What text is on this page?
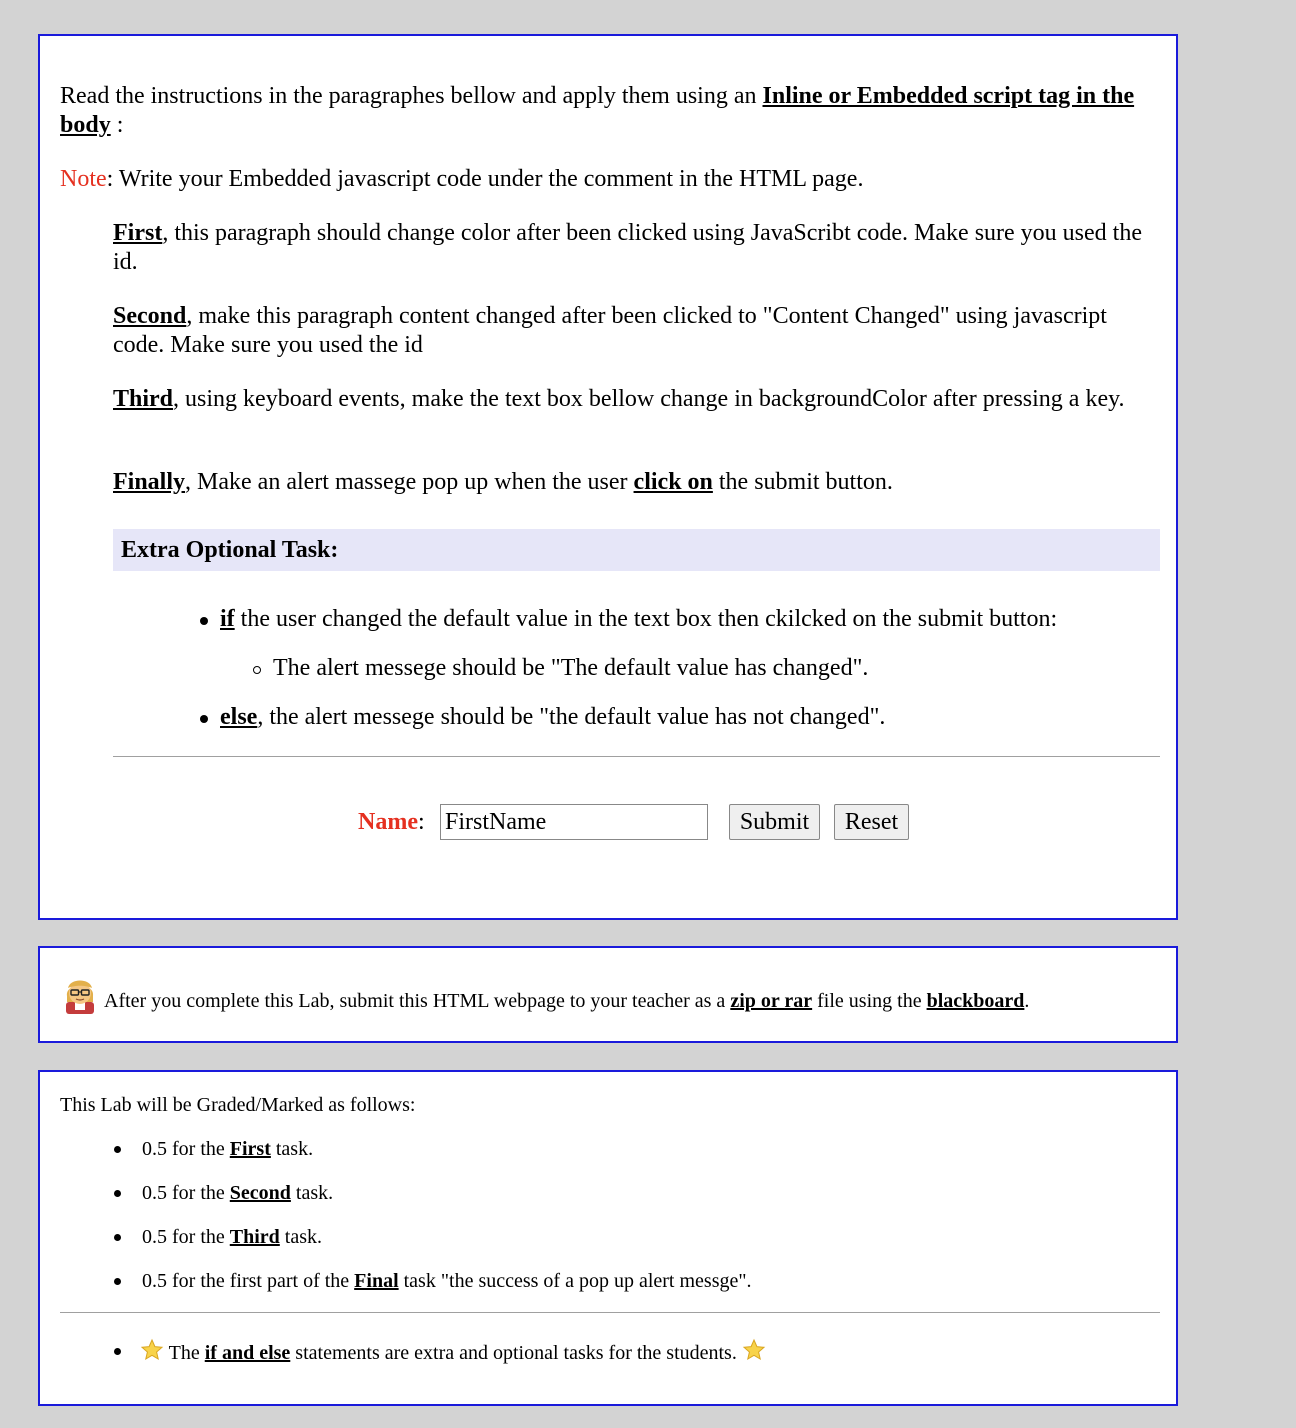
Read the instructions in the paragraphes bellow and apply them using an Inline or Embedded script tag in the body :

Note: Write your Embedded javascript code under the comment in the HTML page.

First, this paragraph should change color after been clicked using JavaScribt code. Make sure you used the id.

Second, make this paragraph content changed after been clicked to "Content Changed" using javascript code. Make sure you used the id

Third, using keyboard events, make the text box bellow change in backgroundColor after pressing a key.

Finally, Make an alert massege pop up when the user click on the submit button.

Extra Optional Task:

if the user changed the default value in the text box then ckilcked on the submit button:

The alert messege should be "The default value has changed".

else, the alert messege should be "the default value has not changed".

Name:

FirstName	Submit	Reset
After you complete this Lab, submit this HTML webpage to your teacher as a zip or rar file using the blackboard.
This Lab will be Graded/Marked as follows:
0.5 for the First task.
0.5 for the Second task.
0.5 for the Third task.
0.5 for the first part of the Final task "the success of a pop up alert messge".
The if and else statements are extra and optional tasks for the students.
